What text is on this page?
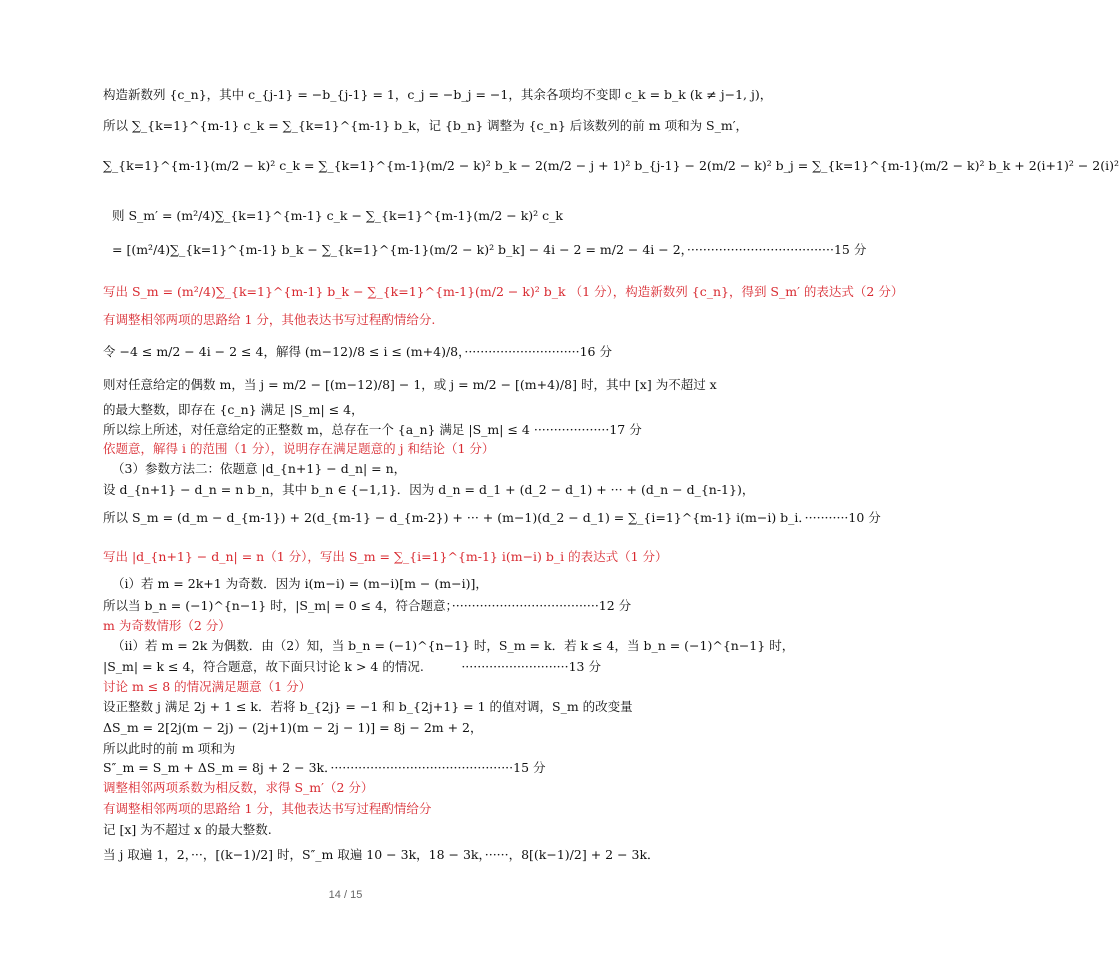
构造新数列 {c_n}，其中 c_{j-1} = −b_{j-1} = 1，c_j = −b_j = −1，其余各项均不变即 c_k = b_k (k ≠ j−1, j)，
所以 ∑_{k=1}^{m-1} c_k = ∑_{k=1}^{m-1} b_k，记 {b_n} 调整为 {c_n} 后该数列的前 m 项和为 S_m′，
∑_{k=1}^{m-1}(m/2 − k)² c_k = ∑_{k=1}^{m-1}(m/2 − k)² b_k − 2(m/2 − j + 1)² b_{j-1} − 2(m/2 − k)² b_j = ∑_{k=1}^{m-1}(m/2 − k)² b_k + 2(i+1)² − 2(i)²
则 S_m′ = (m²/4)∑_{k=1}^{m-1} c_k − ∑_{k=1}^{m-1}(m/2 − k)² c_k
= [(m²/4)∑_{k=1}^{m-1} b_k − ∑_{k=1}^{m-1}(m/2 − k)² b_k] − 4i − 2 = m/2 − 4i − 2，·····································15 分
写出 S_m = (m²/4)∑_{k=1}^{m-1} b_k − ∑_{k=1}^{m-1}(m/2 − k)² b_k （1 分），构造新数列 {c_n}，得到 S_m′ 的表达式（2 分）
有调整相邻两项的思路给 1 分，其他表达书写过程酌情给分.
令 −4 ≤ m/2 − 4i − 2 ≤ 4，解得 (m−12)/8 ≤ i ≤ (m+4)/8，·····························16 分
则对任意给定的偶数 m，当 j = m/2 − [(m−12)/8] − 1，或 j = m/2 − [(m+4)/8] 时，其中 [x] 为不超过 x
的最大整数，即存在 {c_n} 满足 |S_m| ≤ 4，
所以综上所述，对任意给定的正整数 m，总存在一个 {a_n} 满足 |S_m| ≤ 4 ···················17 分
依题意，解得 i 的范围（1 分），说明存在满足题意的 j 和结论（1 分）
（3）参数方法二：依题意 |d_{n+1} − d_n| = n，
设 d_{n+1} − d_n = n b_n，其中 b_n ∈ {−1,1}．因为 d_n = d_1 + (d_2 − d_1) + ··· + (d_n − d_{n-1})，
所以 S_m = (d_m − d_{m-1}) + 2(d_{m-1} − d_{m-2}) + ··· + (m−1)(d_2 − d_1) = ∑_{i=1}^{m-1} i(m−i) b_i．···········10 分
写出 |d_{n+1} − d_n| = n（1 分），写出 S_m = ∑_{i=1}^{m-1} i(m−i) b_i 的表达式（1 分）
（i）若 m = 2k+1 为奇数．因为 i(m−i) = (m−i)[m − (m−i)]，
所以当 b_n = (−1)^{n−1} 时，|S_m| = 0 ≤ 4，符合题意；·····································12 分
m 为奇数情形（2 分）
（ii）若 m = 2k 为偶数．由（2）知，当 b_n = (−1)^{n−1} 时，S_m = k．若 k ≤ 4，当 b_n = (−1)^{n−1} 时，
|S_m| = k ≤ 4，符合题意，故下面只讨论 k > 4 的情况.　　　···························13 分
讨论 m ≤ 8 的情况满足题意（1 分）
设正整数 j 满足 2j + 1 ≤ k．若将 b_{2j} = −1 和 b_{2j+1} = 1 的值对调，S_m 的改变量
ΔS_m = 2[2j(m − 2j) − (2j+1)(m − 2j − 1)] = 8j − 2m + 2，
所以此时的前 m 项和为
S″_m = S_m + ΔS_m = 8j + 2 − 3k．··············································15 分
调整相邻两项系数为相反数，求得 S_m′（2 分）
有调整相邻两项的思路给 1 分，其他表达书写过程酌情给分
记 [x] 为不超过 x 的最大整数.
当 j 取遍 1，2，···，[(k−1)/2] 时，S″_m 取遍 10 − 3k，18 − 3k，······，8[(k−1)/2] + 2 − 3k．
14 / 15
